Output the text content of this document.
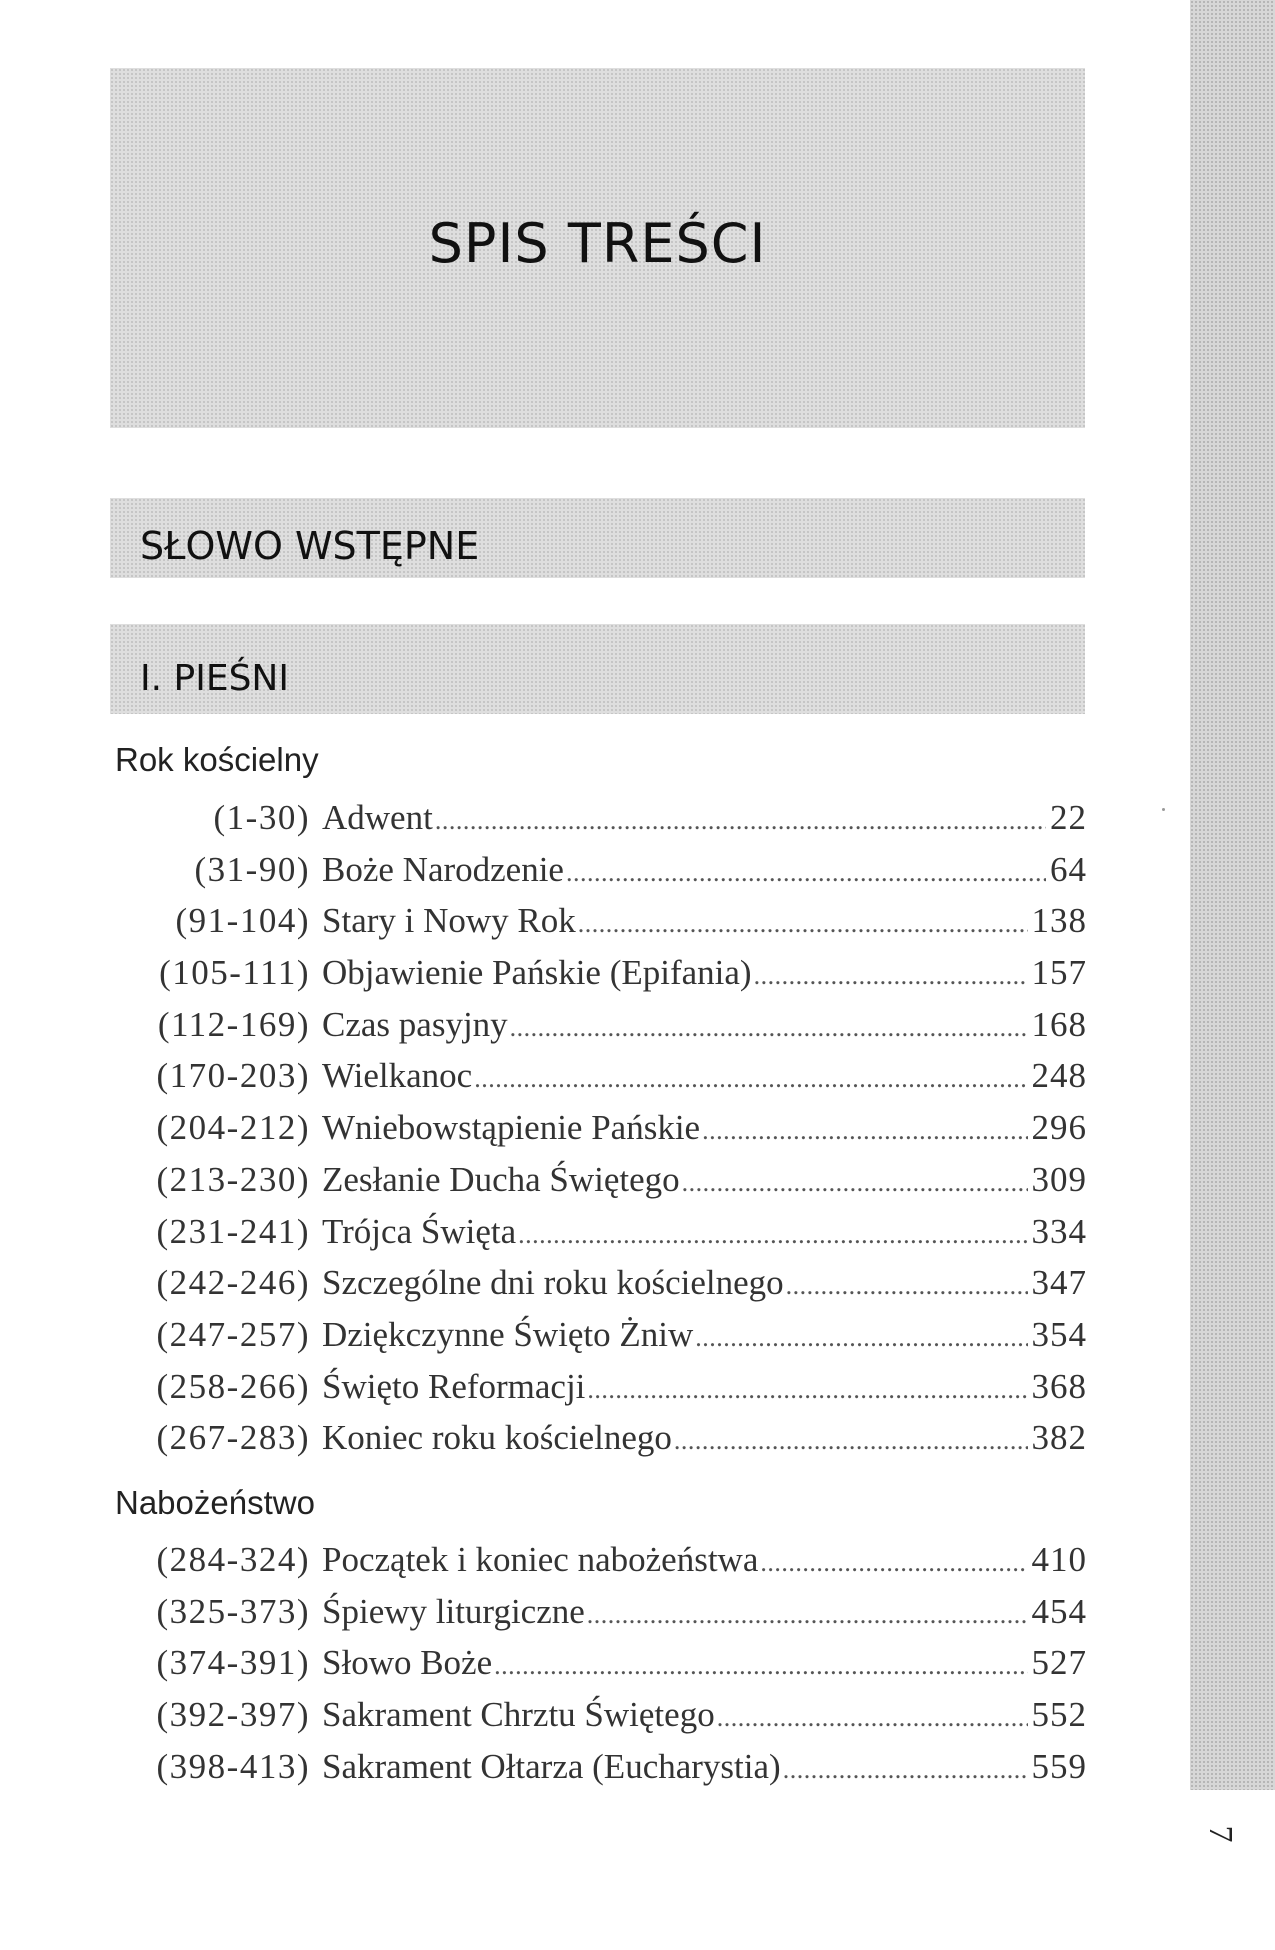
7
SPIS TREŚCI
SŁOWO WSTĘPNE
I. PIEŚNI
Rok kościelny
(1-30) Adwent .....	22
(31-90) Boże Narodzenie .....	64
(91-104) Stary i Nowy Rok .....	138
(105-111) Objawienie Pańskie (Epifania) .....	157
(112-169) Czas pasyjny .....	168
(170-203) Wielkanoc .....	248
(204-212) Wniebowstąpienie Pańskie .....	296
(213-230) Zesłanie Ducha Świętego .....	309
(231-241) Trójca Święta .....	334
(242-246) Szczególne dni roku kościelnego .....	347
(247-257) Dziękczynne Święto Żniw .....	354
(258-266) Święto Reformacji .....	368
(267-283) Koniec roku kościelnego .....	382
Nabożeństwo
(284-324) Początek i koniec nabożeństwa .....	410
(325-373) Śpiewy liturgiczne .....	454
(374-391) Słowo Boże .....	527
(392-397) Sakrament Chrztu Świętego .....	552
(398-413) Sakrament Ołtarza (Eucharystia) .....	559
